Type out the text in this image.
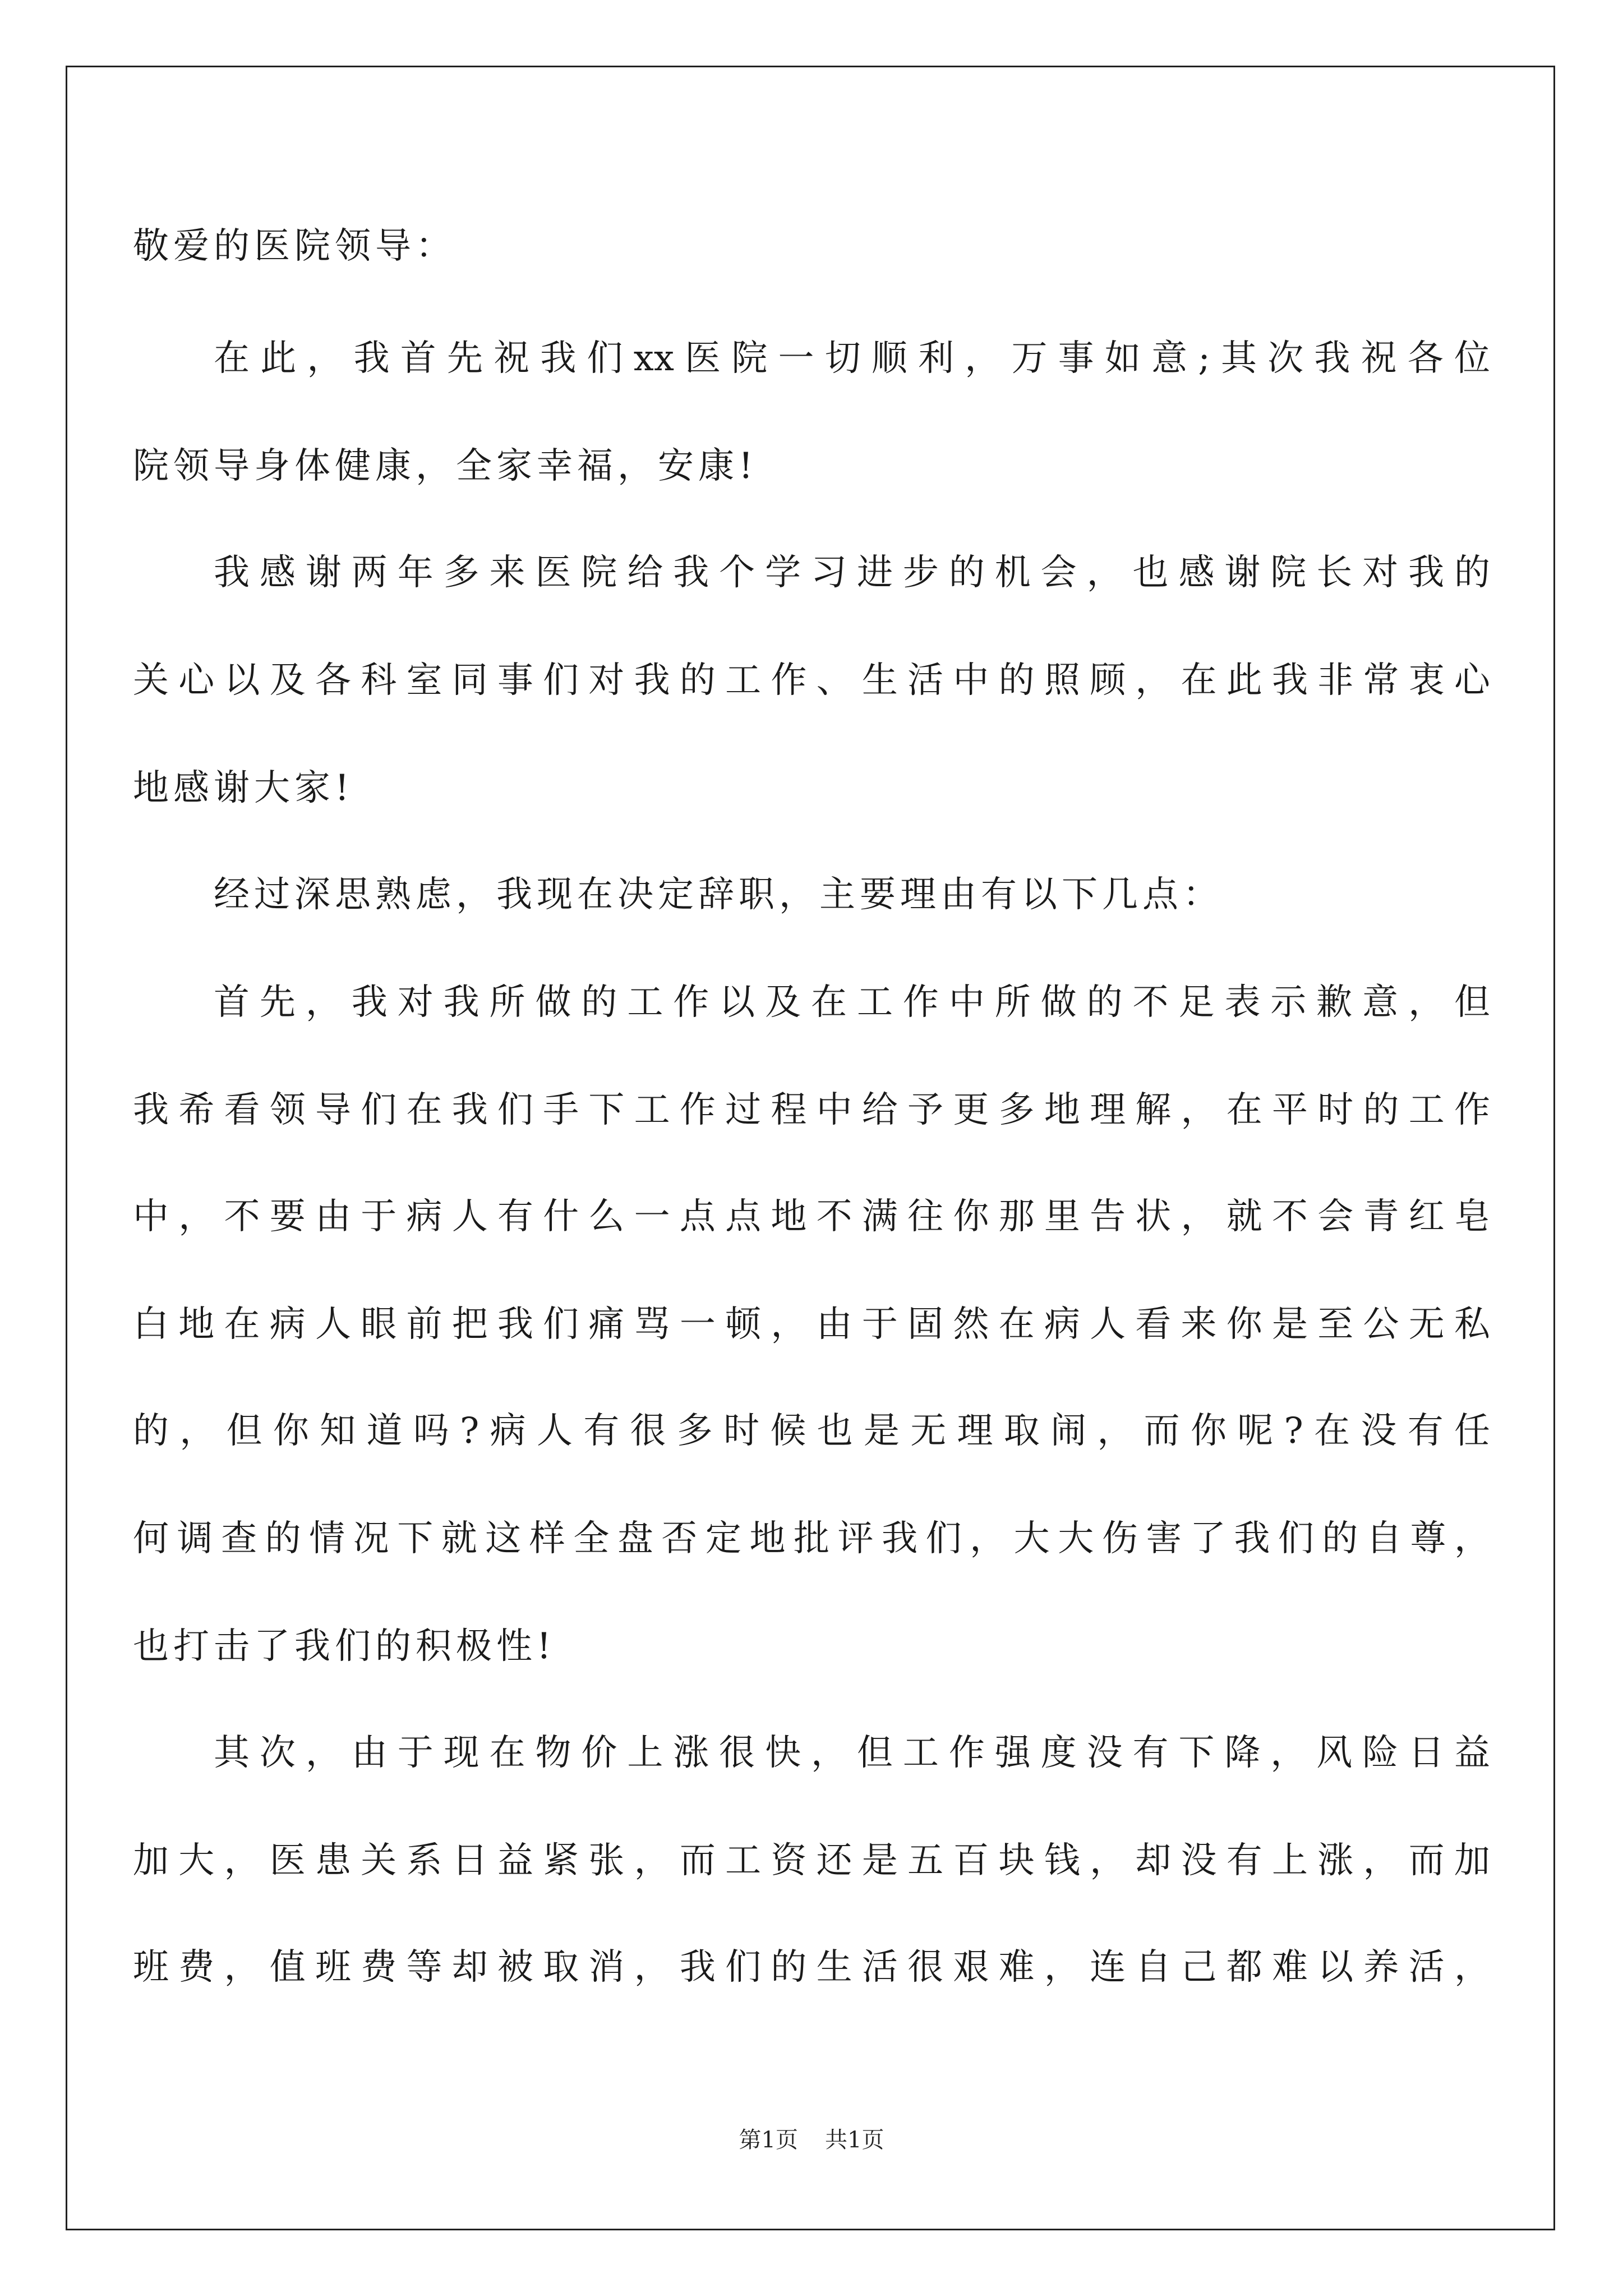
敬爱的医院领导：
在此，我首先祝我们xx医院一切顺利，万事如意;其次我祝各位
院领导身体健康，全家幸福，安康!
我感谢两年多来医院给我个学习进步的机会，也感谢院长对我的
关心以及各科室同事们对我的工作、生活中的照顾，在此我非常衷心
地感谢大家!
经过深思熟虑，我现在决定辞职，主要理由有以下几点：
首先，我对我所做的工作以及在工作中所做的不足表示歉意，但
我希看领导们在我们手下工作过程中给予更多地理解，在平时的工作
中，不要由于病人有什么一点点地不满往你那里告状，就不会青红皂
白地在病人眼前把我们痛骂一顿，由于固然在病人看来你是至公无私
的，但你知道吗?病人有很多时候也是无理取闹，而你呢?在没有任
何调查的情况下就这样全盘否定地批评我们，大大伤害了我们的自尊，
也打击了我们的积极性!
其次，由于现在物价上涨很快，但工作强度没有下降，风险日益
加大，医患关系日益紧张，而工资还是五百块钱，却没有上涨，而加
班费，值班费等却被取消，我们的生活很艰难，连自己都难以养活，
第1页 共1页
